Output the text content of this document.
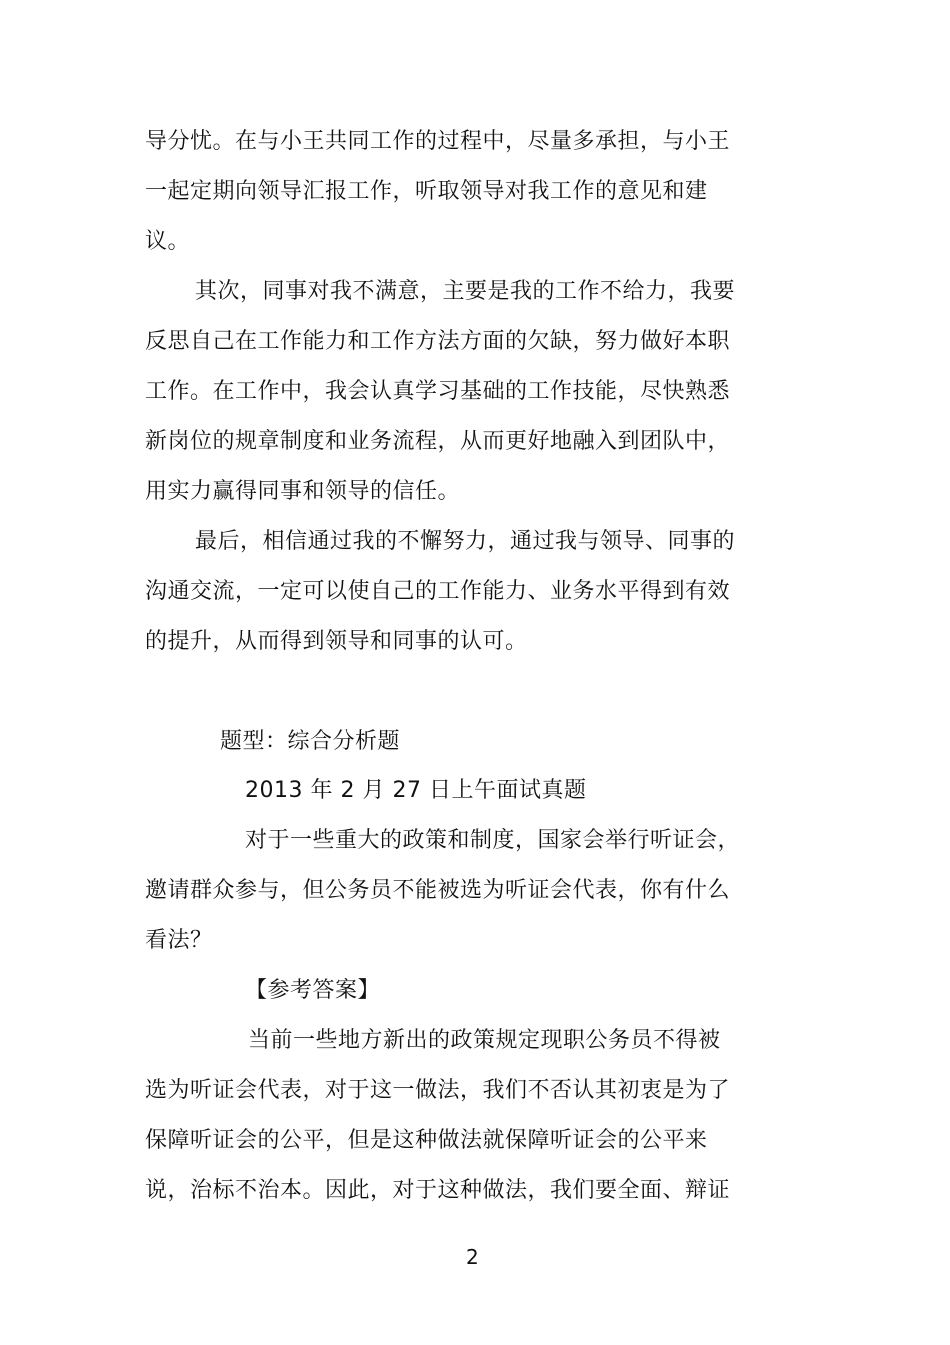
导分忧。在与小王共同工作的过程中，尽量多承担，与小王
一起定期向领导汇报工作，听取领导对我工作的意见和建
议。
其次，同事对我不满意，主要是我的工作不给力，我要
反思自己在工作能力和工作方法方面的欠缺，努力做好本职
工作。在工作中，我会认真学习基础的工作技能，尽快熟悉
新岗位的规章制度和业务流程，从而更好地融入到团队中，
用实力赢得同事和领导的信任。
最后，相信通过我的不懈努力，通过我与领导、同事的
沟通交流，一定可以使自己的工作能力、业务水平得到有效
的提升，从而得到领导和同事的认可。
题型：综合分析题
2013 年 2 月 27 日上午面试真题
对于一些重大的政策和制度，国家会举行听证会，
邀请群众参与，但公务员不能被选为听证会代表，你有什么
看法？
【参考答案】
当前一些地方新出的政策规定现职公务员不得被
选为听证会代表，对于这一做法，我们不否认其初衷是为了
保障听证会的公平，但是这种做法就保障听证会的公平来
说，治标不治本。因此，对于这种做法，我们要全面、辩证
2
